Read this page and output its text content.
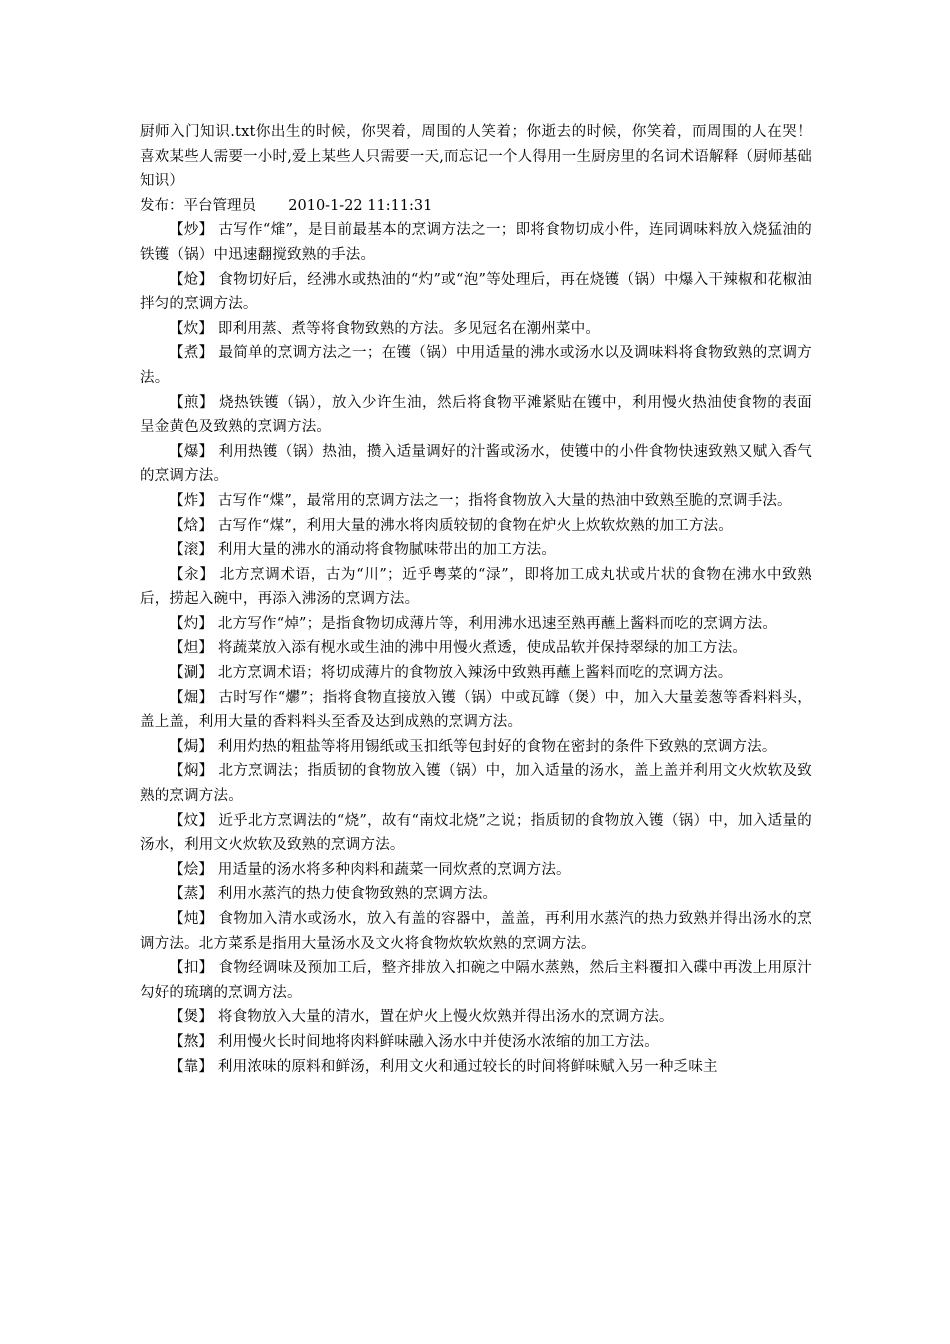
厨师入门知识.txt你出生的时候，你哭着，周围的人笑着；你逝去的时候，你笑着，而周围的人在哭！喜欢某些人需要一小时,爱上某些人只需要一天,而忘记一个人得用一生厨房里的名词术语解释（厨师基础知识）

发布：平台管理员 2010-1-22 11:11:31

【炒】 古写作“熦”，是目前最基本的烹调方法之一；即将食物切成小件，连同调味料放入烧猛油的铁镬（锅）中迅速翻搅致熟的手法。

【炝】 食物切好后，经沸水或热油的“灼”或“泡”等处理后，再在烧镬（锅）中爆入干辣椒和花椒油拌匀的烹调方法。

【炊】 即利用蒸、煮等将食物致熟的方法。多见冠名在潮州菜中。

【煮】 最简单的烹调方法之一；在镬（锅）中用适量的沸水或汤水以及调味料将食物致熟的烹调方法。

【煎】 烧热铁镬（锅），放入少许生油，然后将食物平滩紧贴在镬中，利用慢火热油使食物的表面呈金黄色及致熟的烹调方法。

【爆】 利用热镬（锅）热油，攒入适量调好的汁酱或汤水，使镬中的小件食物快速致熟又赋入香气的烹调方法。

【炸】 古写作“煠”，最常用的烹调方法之一；指将食物放入大量的热油中致熟至脆的烹调手法。

【焓】 古写作“煤”，利用大量的沸水将肉质较韧的食物在炉火上炊软炊熟的加工方法。

【滚】 利用大量的沸水的涌动将食物腻味带出的加工方法。

【汆】 北方烹调术语，古为“川”；近乎粤菜的“渌”，即将加工成丸状或片状的食物在沸水中致熟后，捞起入碗中，再添入沸汤的烹调方法。

【灼】 北方写作“焯”；是指食物切成薄片等，利用沸水迅速至熟再蘸上酱料而吃的烹调方法。

【炟】 将蔬菜放入添有枧水或生油的沸中用慢火煮透，使成品软并保持翠绿的加工方法。

【涮】 北方烹调术语；将切成薄片的食物放入辣汤中致熟再蘸上酱料而吃的烹调方法。

【煀】 古时写作“爩”；指将食物直接放入镬（锅）中或瓦罉（煲）中，加入大量姜葱等香料料头，盖上盖，利用大量的香料料头至香及达到成熟的烹调方法。

【焗】 利用灼热的粗盐等将用锡纸或玉扣纸等包封好的食物在密封的条件下致熟的烹调方法。

【焖】 北方烹调法；指质韧的食物放入镬（锅）中，加入适量的汤水，盖上盖并利用文火炊软及致熟的烹调方法。

【炆】 近乎北方烹调法的“烧”，故有“南炆北烧”之说；指质韧的食物放入镬（锅）中，加入适量的汤水，利用文火炊软及致熟的烹调方法。

【烩】 用适量的汤水将多种肉料和蔬菜一同炊煮的烹调方法。

【蒸】 利用水蒸汽的热力使食物致熟的烹调方法。

【炖】 食物加入清水或汤水，放入有盖的容器中，盖盖，再利用水蒸汽的热力致熟并得出汤水的烹调方法。北方菜系是指用大量汤水及文火将食物炊软炊熟的烹调方法。

【扣】 食物经调味及预加工后，整齐排放入扣碗之中隔水蒸熟，然后主料覆扣入碟中再泼上用原汁勾好的琉璃的烹调方法。

【煲】 将食物放入大量的清水，置在炉火上慢火炊熟并得出汤水的烹调方法。

【熬】 利用慢火长时间地将肉料鲜味融入汤水中并使汤水浓缩的加工方法。

【靠】 利用浓味的原料和鲜汤，利用文火和通过较长的时间将鲜味赋入另一种乏味主
